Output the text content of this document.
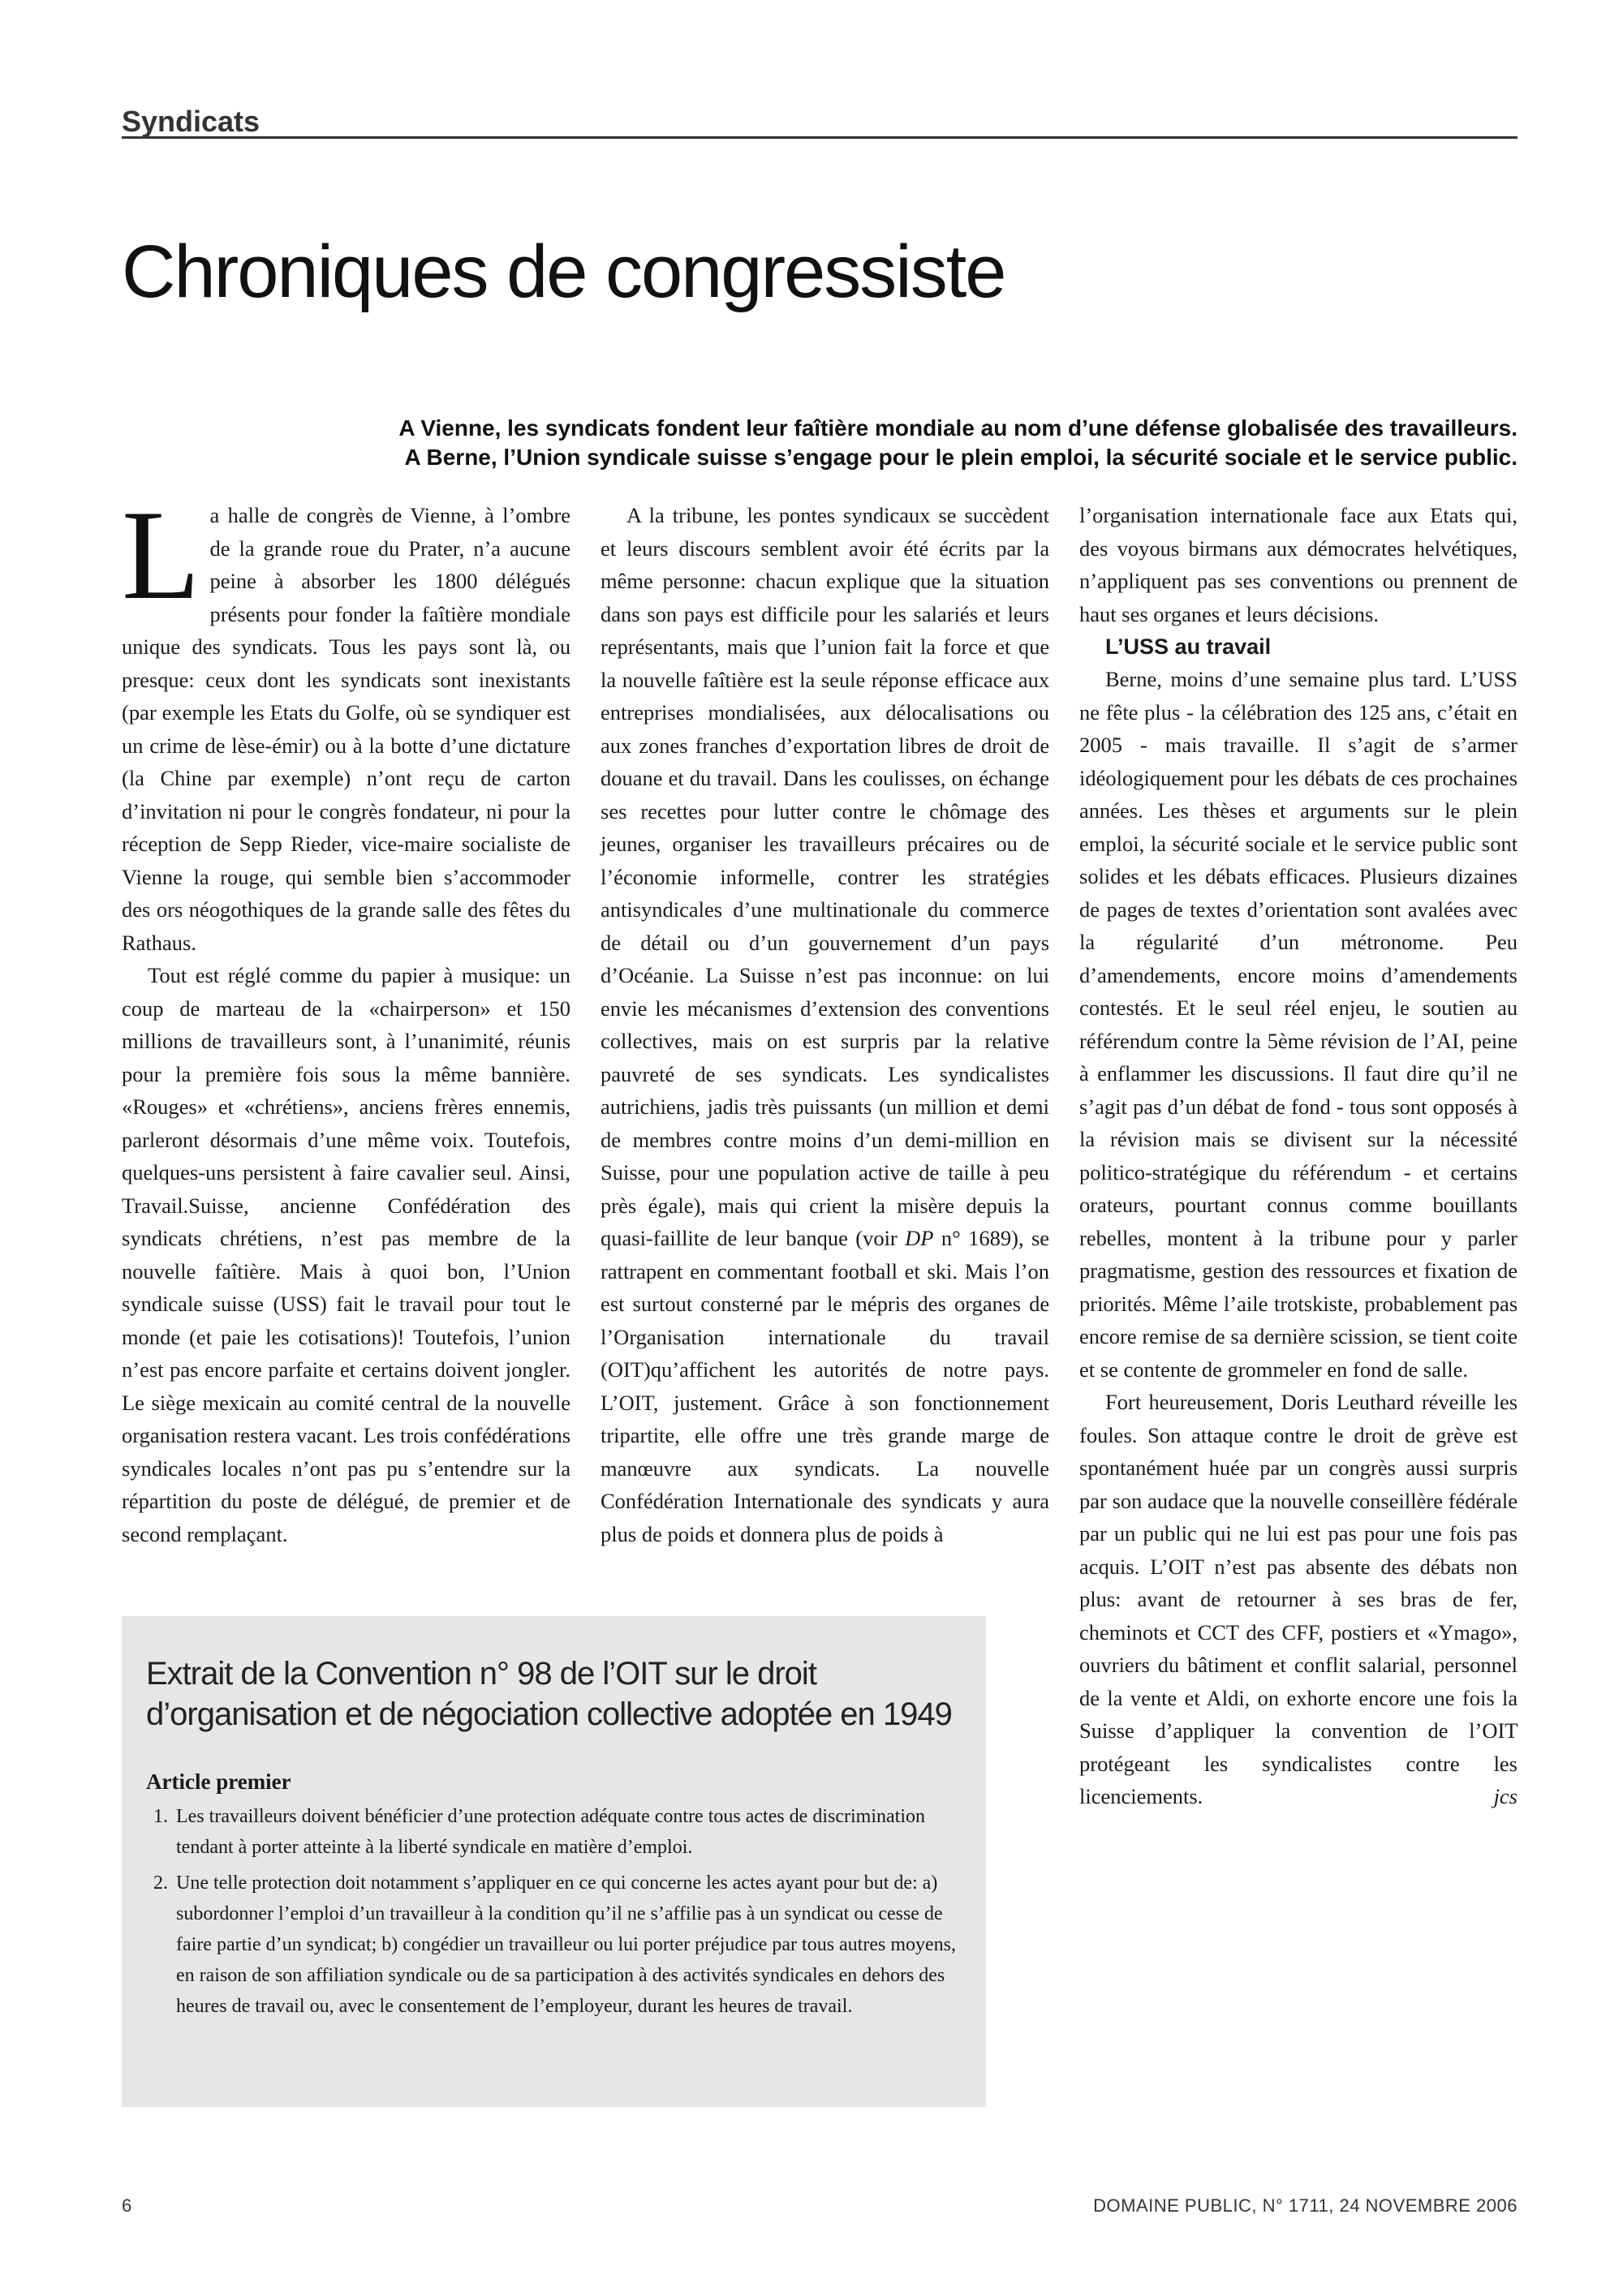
Syndicats
Chroniques de congressiste
A Vienne, les syndicats fondent leur faîtière mondiale au nom d’une défense globalisée des travailleurs.
A Berne, l’Union syndicale suisse s’engage pour le plein emploi, la sécurité sociale et le service public.

La halle de congrès de Vienne, à l’ombre de la grande roue du Prater, n’a aucune peine à absorber les 1800 délégués présents pour fonder la faîtière mondiale unique des syndicats. Tous les pays sont là, ou presque: ceux dont les syndicats sont inexistants (par exemple les Etats du Golfe, où se syndiquer est un crime de lèse-émir) ou à la botte d’une dictature (la Chine par exemple) n’ont reçu de carton d’invitation ni pour le congrès fondateur, ni pour la réception de Sepp Rieder, vice-maire socialiste de Vienne la rouge, qui semble bien s’accommoder des ors néogothiques de la grande salle des fêtes du Rathaus.

Tout est réglé comme du papier à musique: un coup de marteau de la «chairperson» et 150 millions de travailleurs sont, à l’unanimité, réunis pour la première fois sous la même bannière. «Rouges» et «chrétiens», anciens frères ennemis, parleront désormais d’une même voix. Toutefois, quelques-uns persistent à faire cavalier seul. Ainsi, Travail.Suisse, ancienne Confédération des syndicats chrétiens, n’est pas membre de la nouvelle faîtière. Mais à quoi bon, l’Union syndicale suisse (USS) fait le travail pour tout le monde (et paie les cotisations)! Toutefois, l’union n’est pas encore parfaite et certains doivent jongler. Le siège mexicain au comité central de la nouvelle organisation restera vacant. Les trois confédérations syndicales locales n’ont pas pu s’entendre sur la répartition du poste de délégué, de premier et de second remplaçant.

A la tribune, les pontes syndicaux se succèdent et leurs discours semblent avoir été écrits par la même personne: chacun explique que la situation dans son pays est difficile pour les salariés et leurs représentants, mais que l’union fait la force et que la nouvelle faîtière est la seule réponse efficace aux entreprises mondialisées, aux délocalisations ou aux zones franches d’exportation libres de droit de douane et du travail. Dans les coulisses, on échange ses recettes pour lutter contre le chômage des jeunes, organiser les travailleurs précaires ou de l’économie informelle, contrer les stratégies antisyndicales d’une multinationale du commerce de détail ou d’un gouvernement d’un pays d’Océanie. La Suisse n’est pas inconnue: on lui envie les mécanismes d’extension des conventions collectives, mais on est surpris par la relative pauvreté de ses syndicats. Les syndicalistes autrichiens, jadis très puissants (un million et demi de membres contre moins d’un demi-million en Suisse, pour une population active de taille à peu près égale), mais qui crient la misère depuis la quasi-faillite de leur banque (voir DP n° 1689), se rattrapent en commentant football et ski. Mais l’on est surtout consterné par le mépris des organes de l’Organisation internationale du travail (OIT)qu’affichent les autorités de notre pays. L’OIT, justement. Grâce à son fonctionnement tripartite, elle offre une très grande marge de manœuvre aux syndicats. La nouvelle Confédération Internationale des syndicats y aura plus de poids et donnera plus de poids à

l’organisation internationale face aux Etats qui, des voyous birmans aux démocrates helvétiques, n’appliquent pas ses conventions ou prennent de haut ses organes et leurs décisions.

L’USS au travail

Berne, moins d’une semaine plus tard. L’USS ne fête plus - la célébration des 125 ans, c’était en 2005 - mais travaille. Il s’agit de s’armer idéologiquement pour les débats de ces prochaines années. Les thèses et arguments sur le plein emploi, la sécurité sociale et le service public sont solides et les débats efficaces. Plusieurs dizaines de pages de textes d’orientation sont avalées avec la régularité d’un métronome. Peu d’amendements, encore moins d’amendements contestés. Et le seul réel enjeu, le soutien au référendum contre la 5ème révision de l’AI, peine à enflammer les discussions. Il faut dire qu’il ne s’agit pas d’un débat de fond - tous sont opposés à la révision mais se divisent sur la nécessité politico-stratégique du référendum - et certains orateurs, pourtant connus comme bouillants rebelles, montent à la tribune pour y parler pragmatisme, gestion des ressources et fixation de priorités. Même l’aile trotskiste, probablement pas encore remise de sa dernière scission, se tient coite et se contente de grommeler en fond de salle.

Fort heureusement, Doris Leuthard réveille les foules. Son attaque contre le droit de grève est spontanément huée par un congrès aussi surpris par son audace que la nouvelle conseillère fédérale par un public qui ne lui est pas pour une fois pas acquis. L’OIT n’est pas absente des débats non plus: avant de retourner à ses bras de fer, cheminots et CCT des CFF, postiers et «Ymago», ouvriers du bâtiment et conflit salarial, personnel de la vente et Aldi, on exhorte encore une fois la Suisse d’appliquer la convention de l’OIT protégeant les syndicalistes contre les licenciements.	jcs

Extrait de la Convention n° 98 de l’OIT sur le droit d’organisation et de négociation collective adoptée en 1949
Article premier
1. Les travailleurs doivent bénéficier d’une protection adéquate contre tous actes de discrimination tendant à porter atteinte à la liberté syndicale en matière d’emploi.
2. Une telle protection doit notamment s’appliquer en ce qui concerne les actes ayant pour but de: a) subordonner l’emploi d’un travailleur à la condition qu’il ne s’affilie pas à un syndicat ou cesse de faire partie d’un syndicat; b) congédier un travailleur ou lui porter préjudice par tous autres moyens, en raison de son affiliation syndicale ou de sa participation à des activités syndicales en dehors des heures de travail ou, avec le consentement de l’employeur, durant les heures de travail.
6	DOMAINE PUBLIC, N° 1711, 24 NOVEMBRE 2006
